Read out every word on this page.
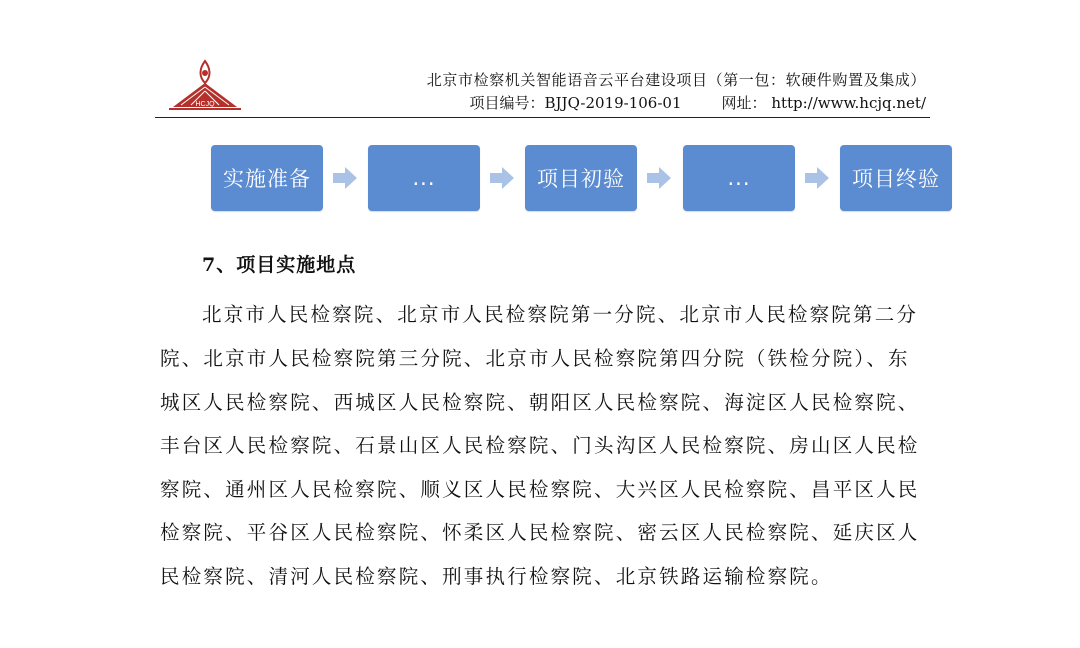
HCJQ
北京市检察机关智能语音云平台建设项目（第一包：软硬件购置及集成）
项目编号：BJJQ-2019-106-01	网址： http://www.hcjq.net/
实施准备	...	项目初验	...	项目终验
7、项目实施地点
北京市人民检察院、北京市人民检察院第一分院、北京市人民检察院第二分
院、北京市人民检察院第三分院、北京市人民检察院第四分院（铁检分院）、东
城区人民检察院、西城区人民检察院、朝阳区人民检察院、海淀区人民检察院、
丰台区人民检察院、石景山区人民检察院、门头沟区人民检察院、房山区人民检
察院、通州区人民检察院、顺义区人民检察院、大兴区人民检察院、昌平区人民
检察院、平谷区人民检察院、怀柔区人民检察院、密云区人民检察院、延庆区人
民检察院、清河人民检察院、刑事执行检察院、北京铁路运输检察院。
